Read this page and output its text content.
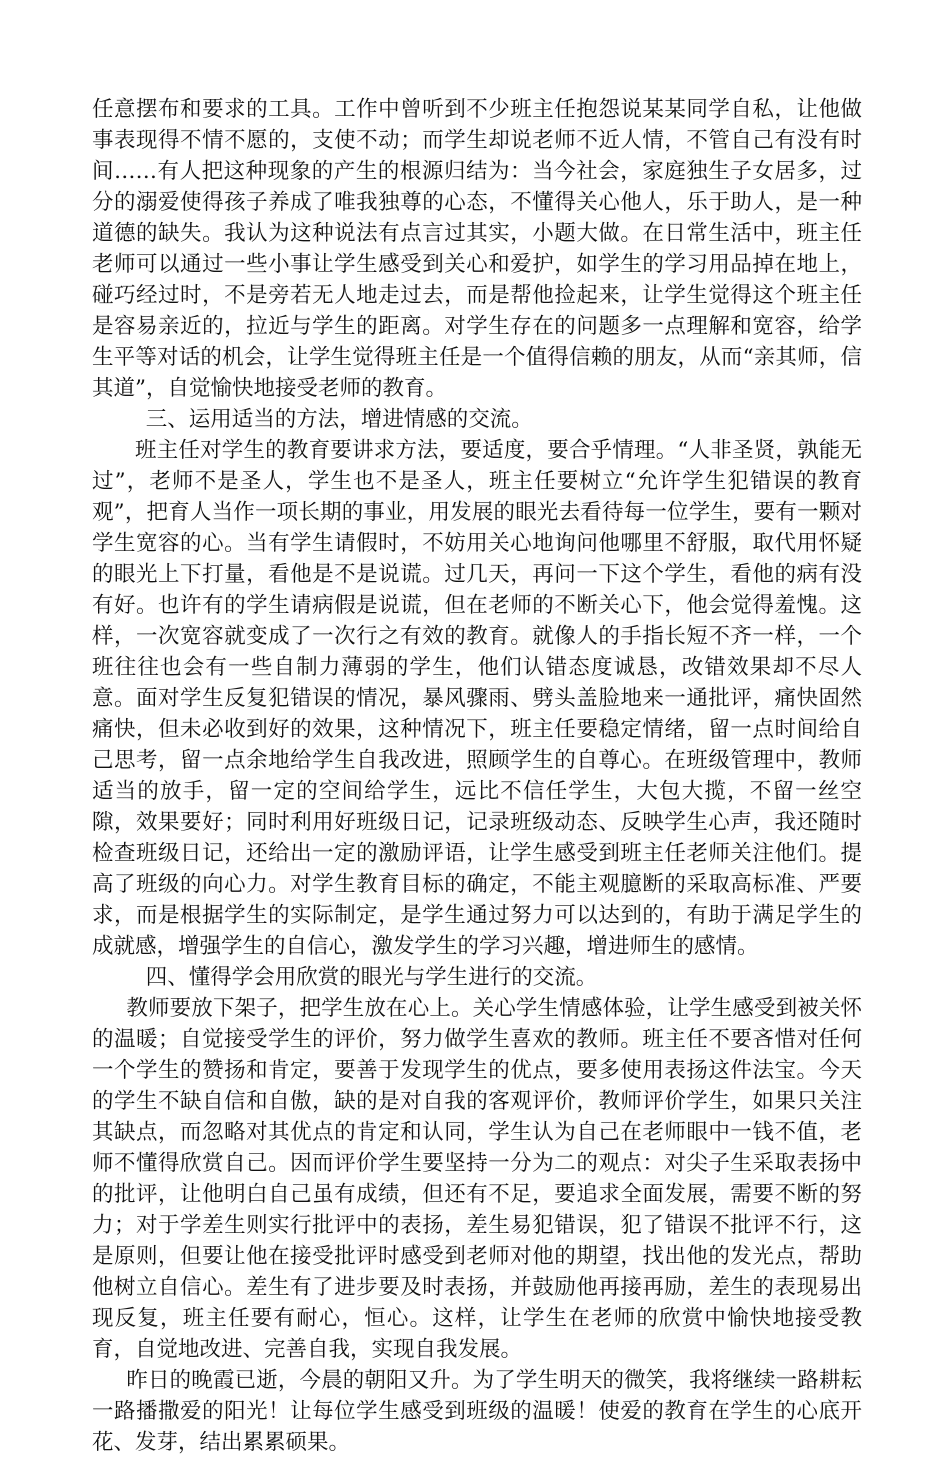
任意摆布和要求的工具。工作中曾听到不少班主任抱怨说某某同学自私，让他做事表现得不情不愿的，支使不动；而学生却说老师不近人情，不管自己有没有时间……有人把这种现象的产生的根源归结为：当今社会，家庭独生子女居多，过分的溺爱使得孩子养成了唯我独尊的心态，不懂得关心他人，乐于助人，是一种道德的缺失。我认为这种说法有点言过其实，小题大做。在日常生活中，班主任老师可以通过一些小事让学生感受到关心和爱护，如学生的学习用品掉在地上，碰巧经过时，不是旁若无人地走过去，而是帮他捡起来，让学生觉得这个班主任是容易亲近的，拉近与学生的距离。对学生存在的问题多一点理解和宽容，给学生平等对话的机会，让学生觉得班主任是一个值得信赖的朋友，从而“亲其师，信其道”，自觉愉快地接受老师的教育。

三、运用适当的方法，增进情感的交流。

班主任对学生的教育要讲求方法，要适度，要合乎情理。“人非圣贤，孰能无过”，老师不是圣人，学生也不是圣人，班主任要树立“允许学生犯错误的教育观”，把育人当作一项长期的事业，用发展的眼光去看待每一位学生，要有一颗对学生宽容的心。当有学生请假时，不妨用关心地询问他哪里不舒服，取代用怀疑的眼光上下打量，看他是不是说谎。过几天，再问一下这个学生，看他的病有没有好。也许有的学生请病假是说谎，但在老师的不断关心下，他会觉得羞愧。这样，一次宽容就变成了一次行之有效的教育。就像人的手指长短不齐一样，一个班往往也会有一些自制力薄弱的学生，他们认错态度诚恳，改错效果却不尽人意。面对学生反复犯错误的情况，暴风骤雨、劈头盖脸地来一通批评，痛快固然痛快，但未必收到好的效果，这种情况下，班主任要稳定情绪，留一点时间给自己思考，留一点余地给学生自我改进，照顾学生的自尊心。在班级管理中，教师适当的放手，留一定的空间给学生，远比不信任学生，大包大揽，不留一丝空隙，效果要好；同时利用好班级日记，记录班级动态、反映学生心声，我还随时检查班级日记，还给出一定的激励评语，让学生感受到班主任老师关注他们。提高了班级的向心力。对学生教育目标的确定，不能主观臆断的采取高标准、严要求，而是根据学生的实际制定，是学生通过努力可以达到的，有助于满足学生的成就感，增强学生的自信心，激发学生的学习兴趣，增进师生的感情。

四、懂得学会用欣赏的眼光与学生进行的交流。

教师要放下架子，把学生放在心上。关心学生情感体验，让学生感受到被关怀的温暖；自觉接受学生的评价，努力做学生喜欢的教师。班主任不要吝惜对任何一个学生的赞扬和肯定，要善于发现学生的优点，要多使用表扬这件法宝。今天的学生不缺自信和自傲，缺的是对自我的客观评价，教师评价学生，如果只关注其缺点，而忽略对其优点的肯定和认同，学生认为自己在老师眼中一钱不值，老师不懂得欣赏自己。因而评价学生要坚持一分为二的观点：对尖子生采取表扬中的批评，让他明白自己虽有成绩，但还有不足，要追求全面发展，需要不断的努力；对于学差生则实行批评中的表扬，差生易犯错误，犯了错误不批评不行，这是原则，但要让他在接受批评时感受到老师对他的期望，找出他的发光点，帮助他树立自信心。差生有了进步要及时表扬，并鼓励他再接再励，差生的表现易出现反复，班主任要有耐心，恒心。这样，让学生在老师的欣赏中愉快地接受教育，自觉地改进、完善自我，实现自我发展。

昨日的晚霞已逝，今晨的朝阳又升。为了学生明天的微笑，我将继续一路耕耘一路播撒爱的阳光！让每位学生感受到班级的温暖！使爱的教育在学生的心底开花、发芽，结出累累硕果。
